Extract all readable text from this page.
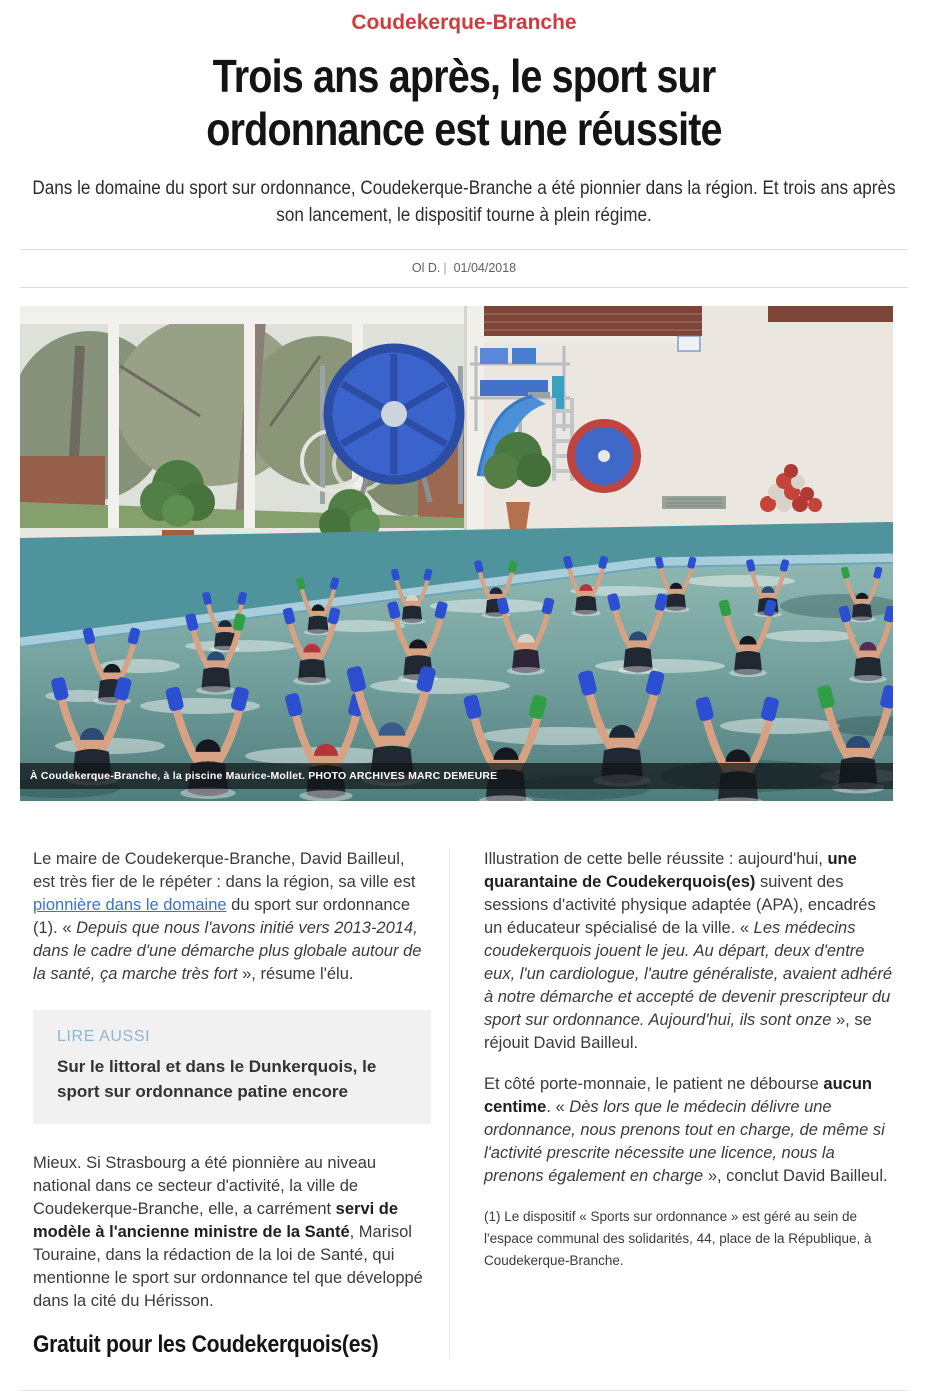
Coudekerque-Branche
Trois ans après, le sport sur
ordonnance est une réussite

Dans le domaine du sport sur ordonnance, Coudekerque-Branche a été pionnier dans la région. Et trois ans après son lancement, le dispositif tourne à plein régime.

Ol D. | 01/04/2018
À Coudekerque-Branche, à la piscine Maurice-Mollet. PHOTO ARCHIVES MARC DEMEURE

Le maire de Coudekerque-Branche, David Bailleul, est très fier de le répéter : dans la région, sa ville est pionnière dans le domaine du sport sur ordonnance (1). « Depuis que nous l'avons initié vers 2013-2014, dans le cadre d'une démarche plus globale autour de la santé, ça marche très fort », résume l'élu.

LIRE AUSSI
Sur le littoral et dans le Dunkerquois, le sport sur ordonnance patine encore

Mieux. Si Strasbourg a été pionnière au niveau national dans ce secteur d'activité, la ville de Coudekerque-Branche, elle, a carrément servi de modèle à l'ancienne ministre de la Santé, Marisol Touraine, dans la rédaction de la loi de Santé, qui mentionne le sport sur ordonnance tel que développé dans la cité du Hérisson.

Gratuit pour les Coudekerquois(es)

Illustration de cette belle réussite : aujourd'hui, une quarantaine de Coudekerquois(es) suivent des sessions d'activité physique adaptée (APA), encadrés un éducateur spécialisé de la ville. « Les médecins coudekerquois jouent le jeu. Au départ, deux d'entre eux, l'un cardiologue, l'autre généraliste, avaient adhéré à notre démarche et accepté de devenir prescripteur du sport sur ordonnance. Aujourd'hui, ils sont onze », se réjouit David Bailleul.

Et côté porte-monnaie, le patient ne débourse aucun centime. « Dès lors que le médecin délivre une ordonnance, nous prenons tout en charge, de même si l'activité prescrite nécessite une licence, nous la prenons également en charge », conclut David Bailleul.

(1) Le dispositif « Sports sur ordonnance » est géré au sein de l'espace communal des solidarités, 44, place de la République, à Coudekerque-Branche.
